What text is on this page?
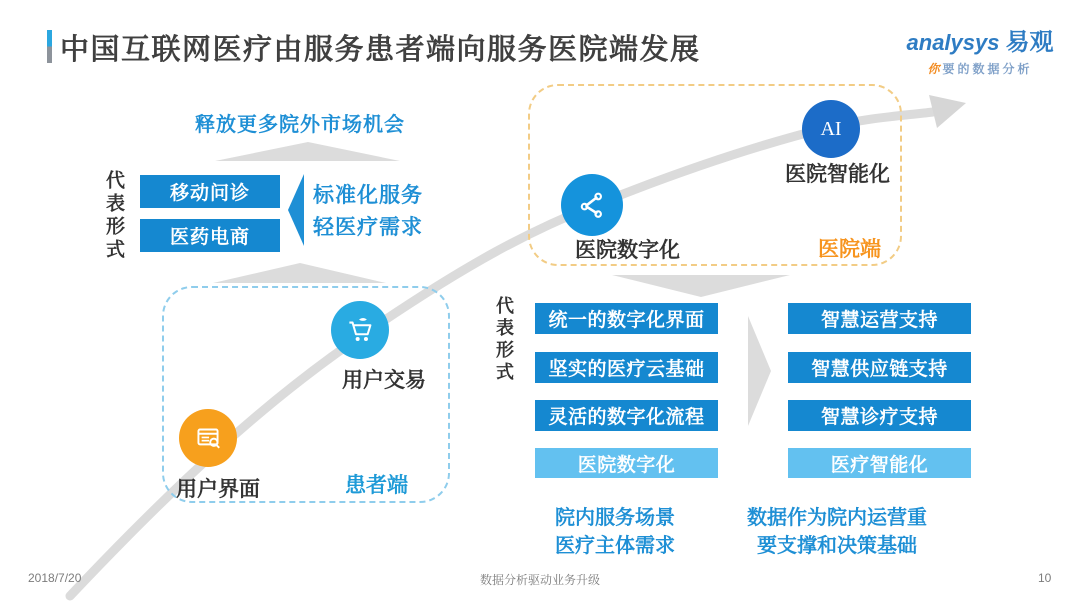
中国互联网医疗由服务患者端向服务医院端发展	analysys 易观
你要的数据分析
释放更多院外市场机会
代表形式	移动问诊
医药电商
标准化服务
轻医疗需求
用户交易
用户界面	患者端
医院数字化
AI
医院智能化
医院端
代表形式	统一的数字化界面
坚实的医疗云基础
灵活的数字化流程
医院数字化
智慧运营支持
智慧供应链支持
智慧诊疗支持
医疗智能化
院内服务场景
医疗主体需求
数据作为院内运营重
要支撑和决策基础
2018/7/20	数据分析驱动业务升级	10
